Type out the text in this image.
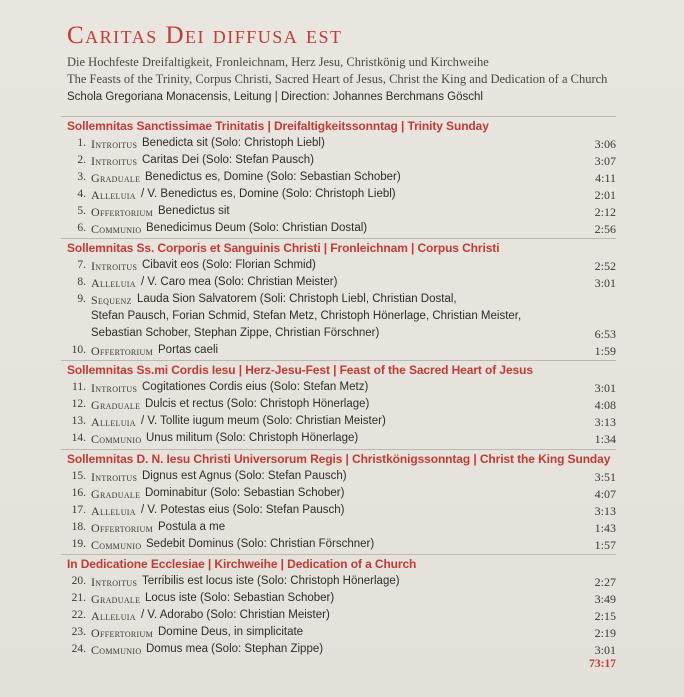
Caritas Dei diffusa est
Die Hochfeste Dreifaltigkeit, Fronleichnam, Herz Jesu, Christkönig und Kirchweihe
The Feasts of the Trinity, Corpus Christi, Sacred Heart of Jesus, Christ the King and Dedication of a Church
Schola Gregoriana Monacensis, Leitung | Direction: Johannes Berchmans Göschl
Sollemnitas Sanctissimae Trinitatis | Dreifaltigkeitssonntag | Trinity Sunday
1. Introitus Benedicta sit (Solo: Christoph Liebl)	3:06
2. Introitus Caritas Dei (Solo: Stefan Pausch)	3:07
3. Graduale Benedictus es, Domine (Solo: Sebastian Schober)	4:11
4. Alleluia / V. Benedictus es, Domine (Solo: Christoph Liebl)	2:01
5. Offertorium Benedictus sit	2:12
6. Communio Benedicimus Deum (Solo: Christian Dostal)	2:56
Sollemnitas Ss. Corporis et Sanguinis Christi | Fronleichnam | Corpus Christi
7. Introitus Cibavit eos (Solo: Florian Schmid)	2:52
8. Alleluia / V. Caro mea (Solo: Christian Meister)	3:01
9. Sequenz Lauda Sion Salvatorem (Soli: Christoph Liebl, Christian Dostal,
Stefan Pausch, Forian Schmid, Stefan Metz, Christoph Hönerlage, Christian Meister,
Sebastian Schober, Stephan Zippe, Christian Förschner)	6:53
10. Offertorium Portas caeli	1:59
Sollemnitas Ss.mi Cordis Iesu | Herz-Jesu-Fest | Feast of the Sacred Heart of Jesus
11. Introitus Cogitationes Cordis eius (Solo: Stefan Metz)	3:01
12. Graduale Dulcis et rectus (Solo: Christoph Hönerlage)	4:08
13. Alleluia / V. Tollite iugum meum (Solo: Christian Meister)	3:13
14. Communio Unus militum (Solo: Christoph Hönerlage)	1:34
Sollemnitas D. N. Iesu Christi Universorum Regis | Christkönigssonntag | Christ the King Sunday
15. Introitus Dignus est Agnus (Solo: Stefan Pausch)	3:51
16. Graduale Dominabitur (Solo: Sebastian Schober)	4:07
17. Alleluia / V. Potestas eius (Solo: Stefan Pausch)	3:13
18. Offertorium Postula a me	1:43
19. Communio Sedebit Dominus (Solo: Christian Förschner)	1:57
In Dedicatione Ecclesiae | Kirchweihe | Dedication of a Church
20. Introitus Terribilis est locus iste (Solo: Christoph Hönerlage)	2:27
21. Graduale Locus iste (Solo: Sebastian Schober)	3:49
22. Alleluia / V. Adorabo (Solo: Christian Meister)	2:15
23. Offertorium Domine Deus, in simplicitate	2:19
24. Communio Domus mea (Solo: Stephan Zippe)	3:01
73:17
